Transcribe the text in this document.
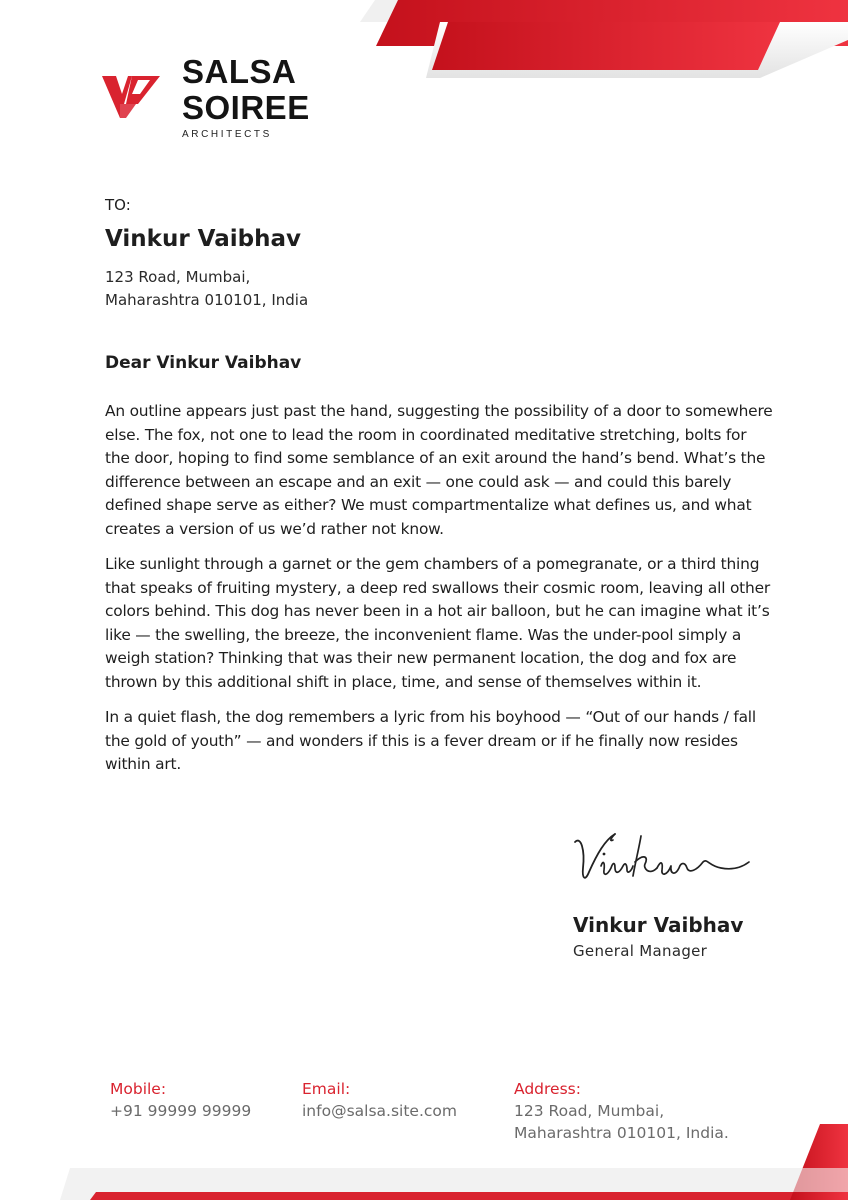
SALSA
SOIREE
ARCHITECTS
TO:
Vinkur Vaibhav
123 Road, Mumbai,
Maharashtra 010101, India
Dear Vinkur Vaibhav

An outline appears just past the hand, suggesting the possibility of a door to somewhere else. The fox, not one to lead the room in coordinated meditative stretching, bolts for the door, hoping to find some semblance of an exit around the hand’s bend. What’s the difference between an escape and an exit — one could ask — and could this barely defined shape serve as either? We must compartmentalize what defines us, and what creates a version of us we’d rather not know.

Like sunlight through a garnet or the gem chambers of a pomegranate, or a third thing that speaks of fruiting mystery, a deep red swallows their cosmic room, leaving all other colors behind. This dog has never been in a hot air balloon, but he can imagine what it’s like — the swelling, the breeze, the inconvenient flame. Was the under-pool simply a weigh station? Thinking that was their new permanent location, the dog and fox are thrown by this additional shift in place, time, and sense of themselves within it.

In a quiet flash, the dog remembers a lyric from his boyhood — “Out of our hands / fall the gold of youth” — and wonders if this is a fever dream or if he finally now resides within art.

Vinkur Vaibhav
General Manager
Mobile:
+91 99999 99999
Email:
info@salsa.site.com
Address:
123 Road, Mumbai,
Maharashtra 010101, India.
